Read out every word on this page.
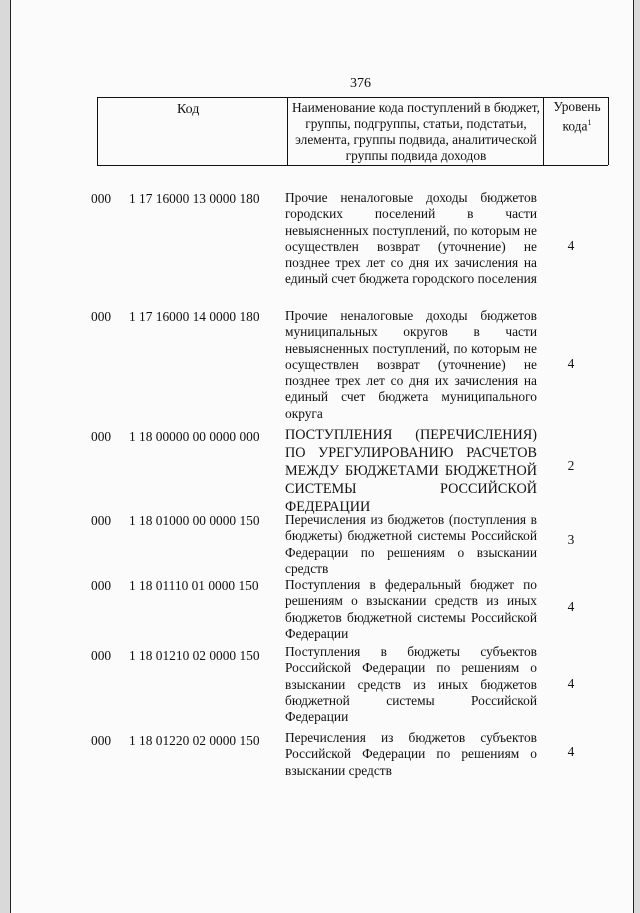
376
Код	Наименование кода поступлений в бюджет, группы, подгруппы, статьи, подстатьи, элемента, группы подвида, аналитической группы подвида доходов
Уровень кода$^1$
000 1 17 16000 13 0000 180 Прочие неналоговые доходы бюджетов городских поселений в части невыясненных поступлений, по которым не осуществлен возврат (уточнение) не позднее трех лет со дня их зачисления на единый счет бюджета городского поселения
4
000 1 17 16000 14 0000 180 Прочие неналоговые доходы бюджетов муниципальных округов в части невыясненных поступлений, по которым не осуществлен возврат (уточнение) не позднее трех лет со дня их зачисления на единый счет бюджета муниципального округа
4
000 1 18 00000 00 0000 000 ПОСТУПЛЕНИЯ (ПЕРЕЧИСЛЕНИЯ) ПО УРЕГУЛИРОВАНИЮ РАСЧЕТОВ МЕЖДУ БЮДЖЕТАМИ БЮДЖЕТНОЙ СИСТЕМЫ РОССИЙСКОЙ ФЕДЕРАЦИИ
2
000 1 18 01000 00 0000 150 Перечисления из бюджетов (поступления в бюджеты) бюджетной системы Российской Федерации по решениям о взыскании средств
3
000 1 18 01110 01 0000 150 Поступления в федеральный бюджет по решениям о взыскании средств из иных бюджетов бюджетной системы Российской Федерации
4
000 1 18 01210 02 0000 150 Поступления в бюджеты субъектов Российской Федерации по решениям о взыскании средств из иных бюджетов бюджетной системы Российской Федерации
4
000 1 18 01220 02 0000 150 Перечисления из бюджетов субъектов Российской Федерации по решениям о взыскании средств
4
